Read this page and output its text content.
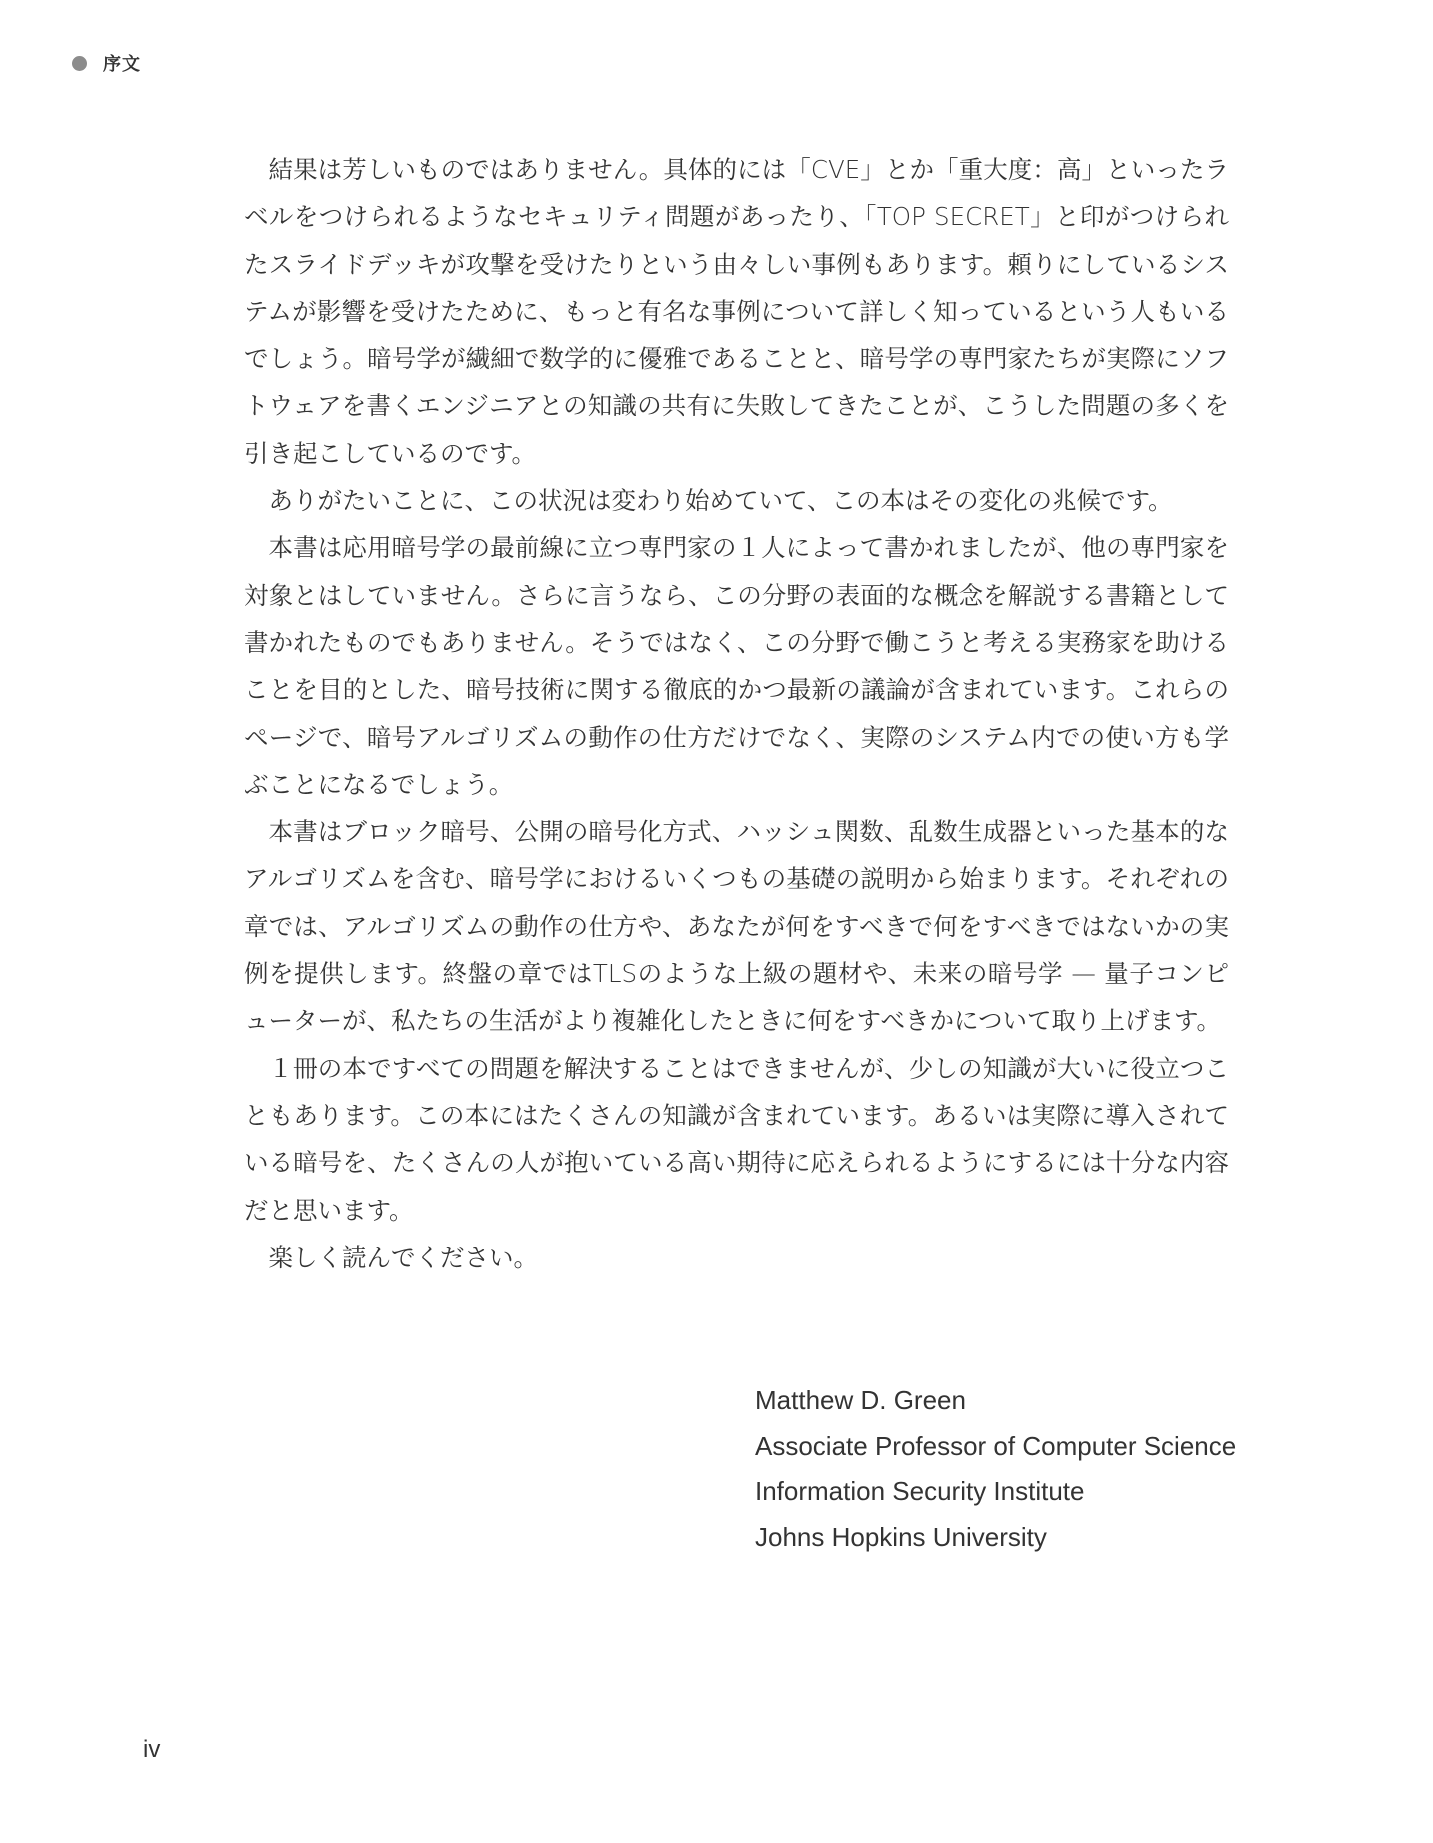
序文

結果は芳しいものではありません。具体的には「CVE」とか「重大度：高」といったラベルをつけられるようなセキュリティ問題があったり、「TOP SECRET」と印がつけられたスライドデッキが攻撃を受けたりという由々しい事例もあります。頼りにしているシステムが影響を受けたために、もっと有名な事例について詳しく知っているという人もいるでしょう。暗号学が繊細で数学的に優雅であることと、暗号学の専門家たちが実際にソフトウェアを書くエンジニアとの知識の共有に失敗してきたことが、こうした問題の多くを引き起こしているのです。

ありがたいことに、この状況は変わり始めていて、この本はその変化の兆候です。

本書は応用暗号学の最前線に立つ専門家の１人によって書かれましたが、他の専門家を対象とはしていません。さらに言うなら、この分野の表面的な概念を解説する書籍として書かれたものでもありません。そうではなく、この分野で働こうと考える実務家を助けることを目的とした、暗号技術に関する徹底的かつ最新の議論が含まれています。これらのページで、暗号アルゴリズムの動作の仕方だけでなく、実際のシステム内での使い方も学ぶことになるでしょう。

本書はブロック暗号、公開の暗号化方式、ハッシュ関数、乱数生成器といった基本的なアルゴリズムを含む、暗号学におけるいくつもの基礎の説明から始まります。それぞれの章では、アルゴリズムの動作の仕方や、あなたが何をすべきで何をすべきではないかの実例を提供します。終盤の章ではTLSのような上級の題材や、未来の暗号学 — 量子コンピューターが、私たちの生活がより複雑化したときに何をすべきかについて取り上げます。

１冊の本ですべての問題を解決することはできませんが、少しの知識が大いに役立つこともあります。この本にはたくさんの知識が含まれています。あるいは実際に導入されている暗号を、たくさんの人が抱いている高い期待に応えられるようにするには十分な内容だと思います。

楽しく読んでください。

Matthew D. Green
Associate Professor of Computer Science
Information Security Institute
Johns Hopkins University
iv
